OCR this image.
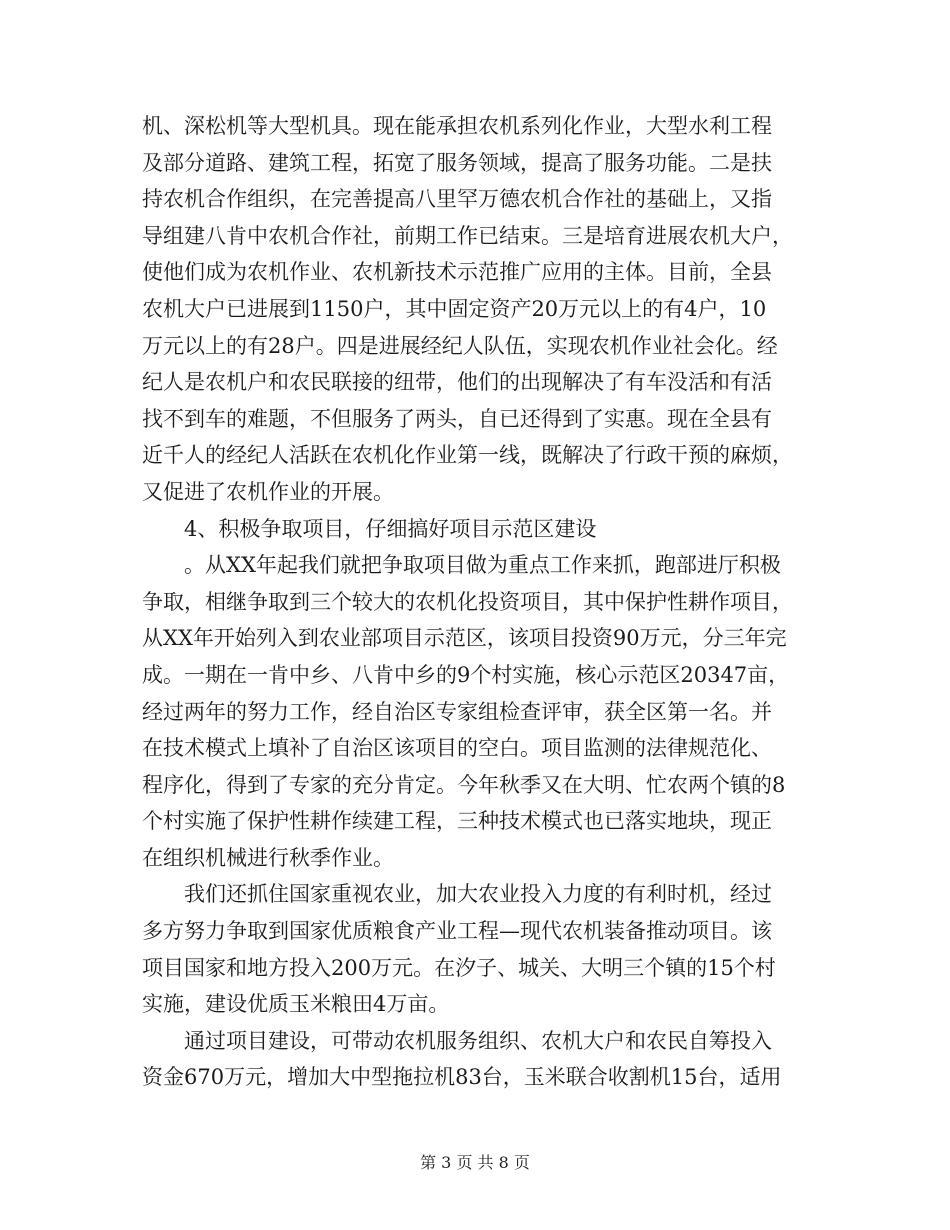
机、深松机等大型机具。现在能承担农机系列化作业，大型水利工程
及部分道路、建筑工程，拓宽了服务领域，提高了服务功能。二是扶
持农机合作组织，在完善提高八里罕万德农机合作社的基础上，又指
导组建八肯中农机合作社，前期工作已结束。三是培育进展农机大户，
使他们成为农机作业、农机新技术示范推广应用的主体。目前，全县
农机大户已进展到1150户，其中固定资产20万元以上的有4户，10
万元以上的有28户。四是进展经纪人队伍，实现农机作业社会化。经
纪人是农机户和农民联接的纽带，他们的出现解决了有车没活和有活
找不到车的难题，不但服务了两头，自已还得到了实惠。现在全县有
近千人的经纪人活跃在农机化作业第一线，既解决了行政干预的麻烦，
又促进了农机作业的开展。
4、积极争取项目，仔细搞好项目示范区建设
。从XX年起我们就把争取项目做为重点工作来抓，跑部进厅积极
争取，相继争取到三个较大的农机化投资项目，其中保护性耕作项目，
从XX年开始列入到农业部项目示范区，该项目投资90万元，分三年完
成。一期在一肯中乡、八肯中乡的9个村实施，核心示范区20347亩，
经过两年的努力工作，经自治区专家组检查评审，获全区第一名。并
在技术模式上填补了自治区该项目的空白。项目监测的法律规范化、
程序化，得到了专家的充分肯定。今年秋季又在大明、忙农两个镇的8
个村实施了保护性耕作续建工程，三种技术模式也已落实地块，现正
在组织机械进行秋季作业。
我们还抓住国家重视农业，加大农业投入力度的有利时机，经过
多方努力争取到国家优质粮食产业工程—现代农机装备推动项目。该
项目国家和地方投入200万元。在汐子、城关、大明三个镇的15个村
实施，建设优质玉米粮田4万亩。
通过项目建设，可带动农机服务组织、农机大户和农民自筹投入
资金670万元，增加大中型拖拉机83台，玉米联合收割机15台，适用
第 3 页 共 8 页
